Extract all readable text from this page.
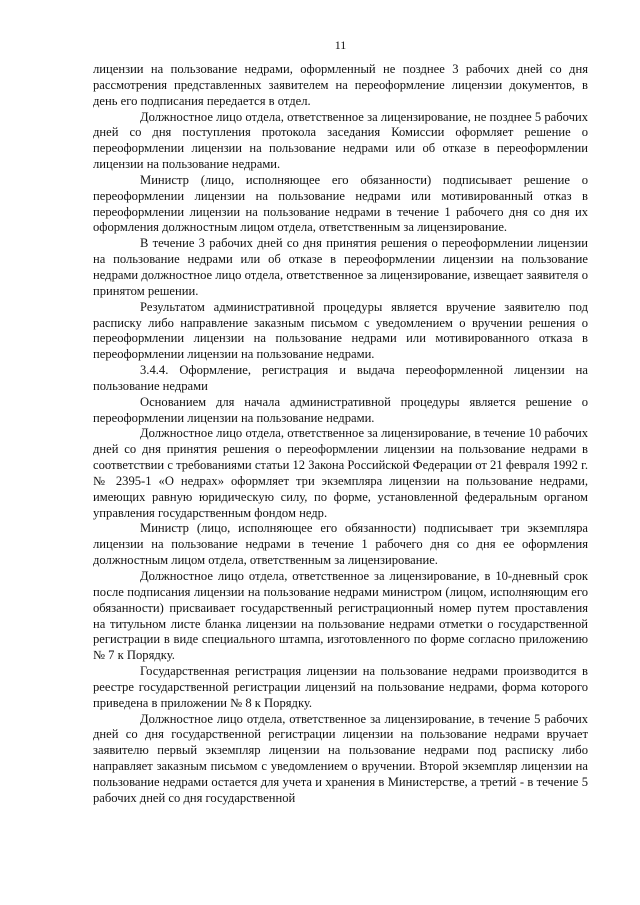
11

лицензии на пользование недрами, оформленный не позднее 3 рабочих дней со дня рассмотрения представленных заявителем на переоформление лицензии документов, в день его подписания передается в отдел.

Должностное лицо отдела, ответственное за лицензирование, не позднее 5 рабочих дней со дня поступления протокола заседания Комиссии оформляет решение о переоформлении лицензии на пользование недрами или об отказе в переоформлении лицензии на пользование недрами.

Министр (лицо, исполняющее его обязанности) подписывает решение о переоформлении лицензии на пользование недрами или мотивированный отказ в переоформлении лицензии на пользование недрами в течение 1 рабочего дня со дня их оформления должностным лицом отдела, ответственным за лицензирование.

В течение 3 рабочих дней со дня принятия решения о переоформлении лицензии на пользование недрами или об отказе в переоформлении лицензии на пользование недрами должностное лицо отдела, ответственное за лицензирование, извещает заявителя о принятом решении.

Результатом административной процедуры является вручение заявителю под расписку либо направление заказным письмом с уведомлением о вручении решения о переоформлении лицензии на пользование недрами или мотивированного отказа в переоформлении лицензии на пользование недрами.

3.4.4. Оформление, регистрация и выдача переоформленной лицензии на пользование недрами

Основанием для начала административной процедуры является решение о переоформлении лицензии на пользование недрами.

Должностное лицо отдела, ответственное за лицензирование, в течение 10 рабочих дней со дня принятия решения о переоформлении лицензии на пользование недрами в соответствии с требованиями статьи 12 Закона Российской Федерации от 21 февраля 1992 г. № 2395-1 «О недрах» оформляет три экземпляра лицензии на пользование недрами, имеющих равную юридическую силу, по форме, установленной федеральным органом управления государственным фондом недр.

Министр (лицо, исполняющее его обязанности) подписывает три экземпляра лицензии на пользование недрами в течение 1 рабочего дня со дня ее оформления должностным лицом отдела, ответственным за лицензирование.

Должностное лицо отдела, ответственное за лицензирование, в 10-дневный срок после подписания лицензии на пользование недрами министром (лицом, исполняющим его обязанности) присваивает государственный регистрационный номер путем проставления на титульном листе бланка лицензии на пользование недрами отметки о государственной регистрации в виде специального штампа, изготовленного по форме согласно приложению № 7 к Порядку.

Государственная регистрация лицензии на пользование недрами производится в реестре государственной регистрации лицензий на пользование недрами, форма которого приведена в приложении № 8 к Порядку.

Должностное лицо отдела, ответственное за лицензирование, в течение 5 рабочих дней со дня государственной регистрации лицензии на пользование недрами вручает заявителю первый экземпляр лицензии на пользование недрами под расписку либо направляет заказным письмом с уведомлением о вручении. Второй экземпляр лицензии на пользование недрами остается для учета и хранения в Министерстве, а третий - в течение 5 рабочих дней со дня государственной
